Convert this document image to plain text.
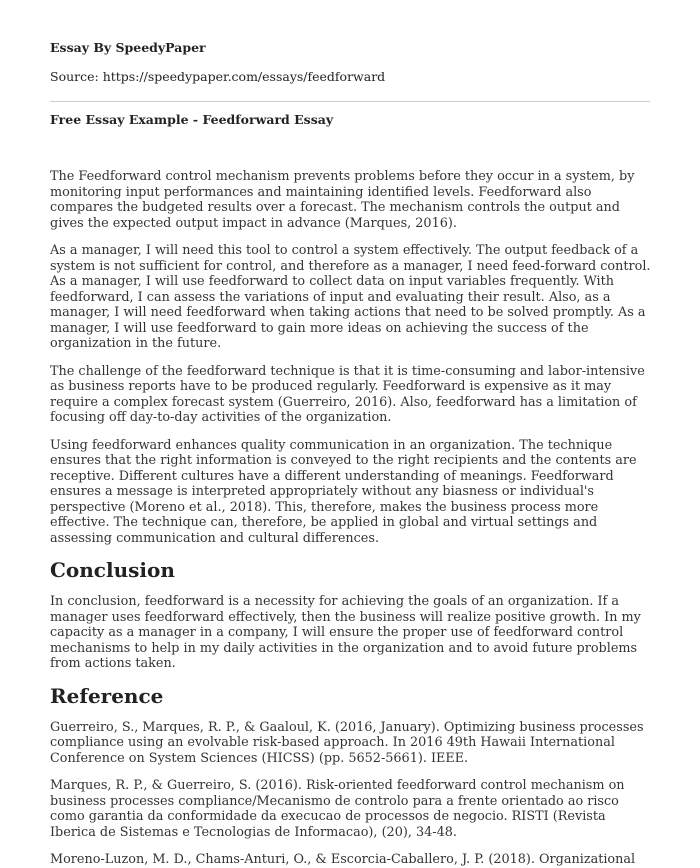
Essay By SpeedyPaper
Source: https://speedypaper.com/essays/feedforward
Free Essay Example - Feedforward Essay

The Feedforward control mechanism prevents problems before they occur in a system, by monitoring input performances and maintaining identified levels. Feedforward also compares the budgeted results over a forecast. The mechanism controls the output and gives the expected output impact in advance (Marques, 2016).

As a manager, I will need this tool to control a system effectively. The output feedback of a system is not sufficient for control, and therefore as a manager, I need feed-forward control. As a manager, I will use feedforward to collect data on input variables frequently. With feedforward, I can assess the variations of input and evaluating their result. Also, as a manager, I will need feedforward when taking actions that need to be solved promptly. As a manager, I will use feedforward to gain more ideas on achieving the success of the organization in the future.

The challenge of the feedforward technique is that it is time-consuming and labor-intensive as business reports have to be produced regularly. Feedforward is expensive as it may require a complex forecast system (Guerreiro, 2016). Also, feedforward has a limitation of focusing off day-to-day activities of the organization.

Using feedforward enhances quality communication in an organization. The technique ensures that the right information is conveyed to the right recipients and the contents are receptive. Different cultures have a different understanding of meanings. Feedforward ensures a message is interpreted appropriately without any biasness or individual's perspective (Moreno et al., 2018). This, therefore, makes the business process more effective. The technique can, therefore, be applied in global and virtual settings and assessing communication and cultural differences.

Conclusion

In conclusion, feedforward is a necessity for achieving the goals of an organization. If a manager uses feedforward effectively, then the business will realize positive growth. In my capacity as a manager in a company, I will ensure the proper use of feedforward control mechanisms to help in my daily activities in the organization and to avoid future problems from actions taken.

Reference

Guerreiro, S., Marques, R. P., & Gaaloul, K. (2016, January). Optimizing business processes compliance using an evolvable risk-based approach. In 2016 49th Hawaii International Conference on System Sciences (HICSS) (pp. 5652-5661). IEEE.

Marques, R. P., & Guerreiro, S. (2016). Risk-oriented feedforward control mechanism on business processes compliance/Mecanismo de controlo para a frente orientado ao risco como garantia da conformidade da execucao de processos de negocio. RISTI (Revista Iberica de Sistemas e Tecnologias de Informacao), (20), 34-48.

Moreno-Luzon, M. D., Chams-Anturi, O., & Escorcia-Caballero, J. P. (2018). Organizational
